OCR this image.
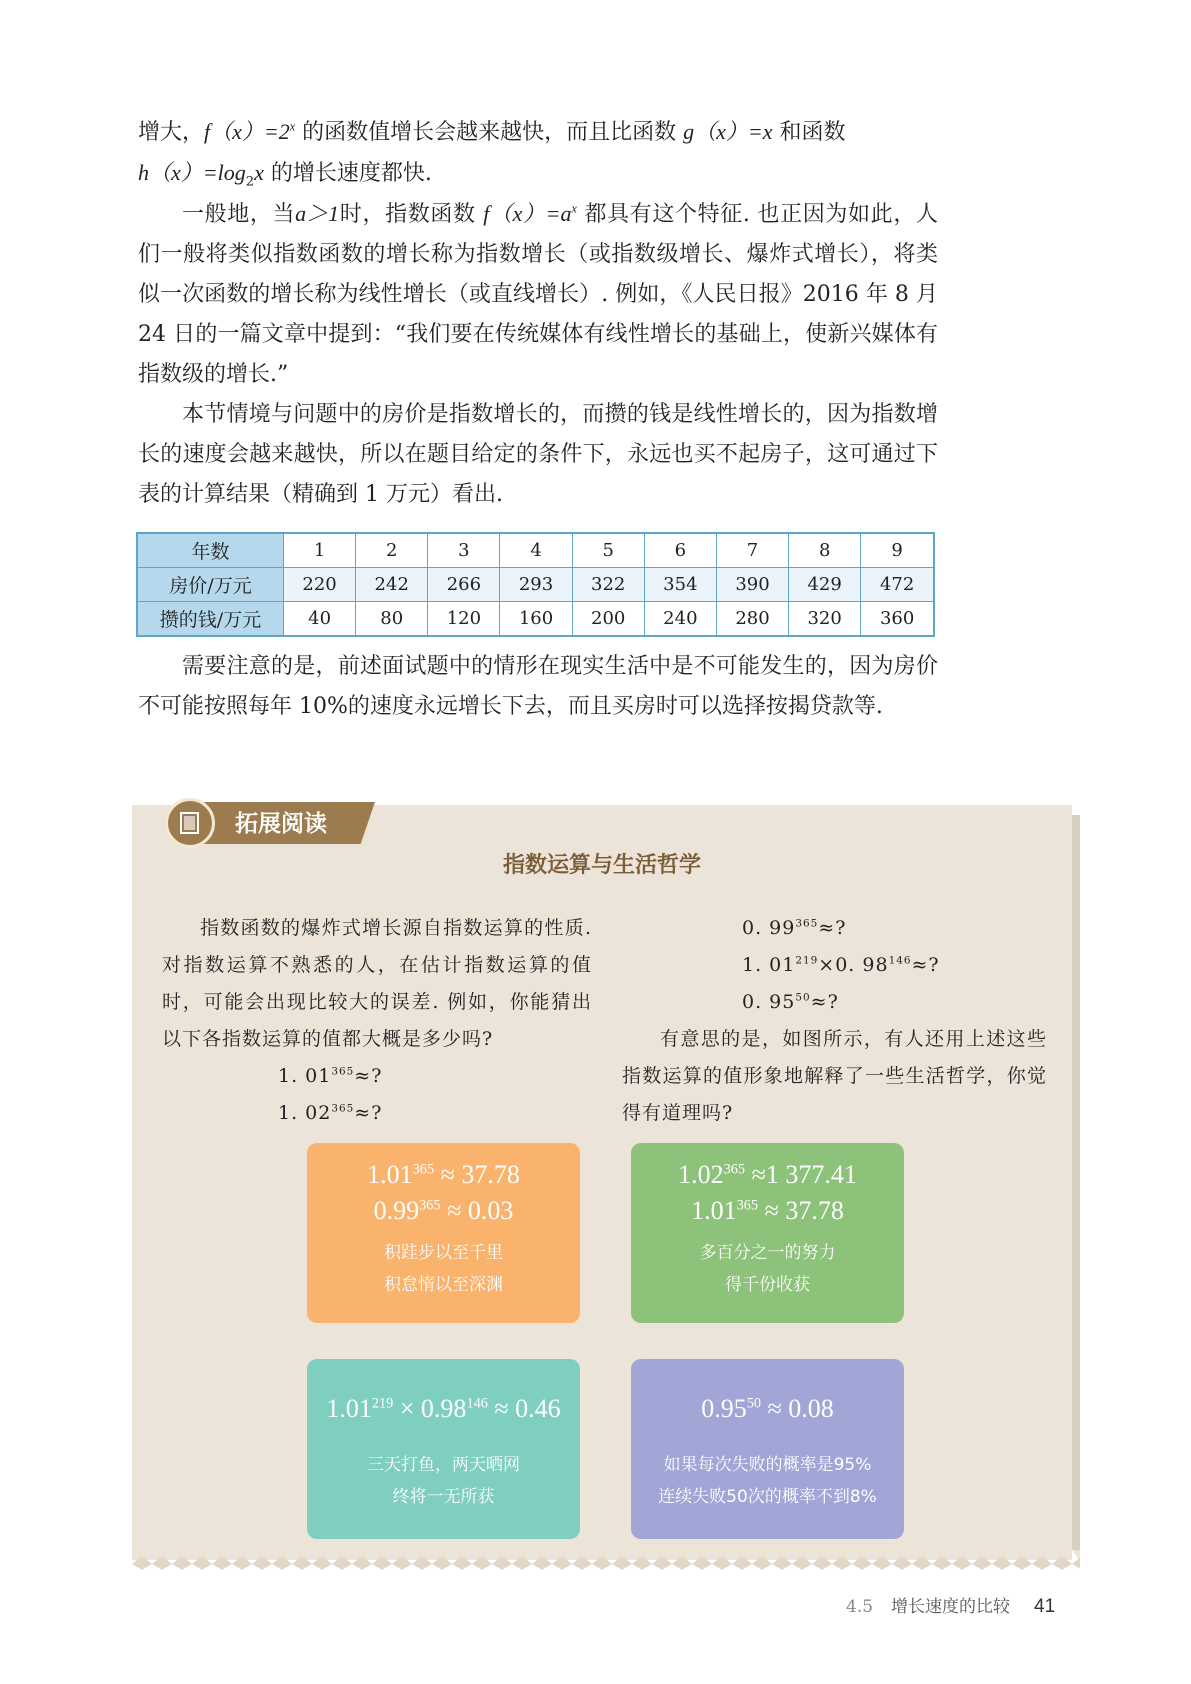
增大，$f(x)=2^x$ 的函数值增长会越来越快，而且比函数 g（x）=x 和函数
$h(x)=\log_2x$ 的增长速度都快.

一般地，当a＞1时，指数函数 $f(x)=a^x$ 都具有这个特征. 也正因为如此，人们一般将类似指数函数的增长称为指数增长（或指数级增长、爆炸式增长），将类似一次函数的增长称为线性增长（或直线增长）. 例如，《人民日报》2016 年 8 月 24 日的一篇文章中提到：“我们要在传统媒体有线性增长的基础上，使新兴媒体有指数级的增长.”

本节情境与问题中的房价是指数增长的，而攒的钱是线性增长的，因为指数增长的速度会越来越快，所以在题目给定的条件下，永远也买不起房子，这可通过下表的计算结果（精确到 1 万元）看出.

年数	1	2	3	4	5	6	7	8	9
房价/万元	220	242	266	293	322	354	390	429	472
攒的钱/万元	40	80	120	160	200	240	280	320	360

需要注意的是，前述面试题中的情形在现实生活中是不可能发生的，因为房价不可能按照每年 10%的速度永远增长下去，而且买房时可以选择按揭贷款等.

拓展阅读
指数运算与生活哲学

指数函数的爆炸式增长源自指数运算的性质. 对指数运算不熟悉的人，在估计指数运算的值时，可能会出现比较大的误差. 例如，你能猜出以下各指数运算的值都大概是多少吗?

1. $01^{365}\approx$?
1. $02^{365}\approx$?
0. $99^{365}\approx$?
1. $01^{219}\times 0$. $98^{146}\approx$?
0. $95^{50}\approx$?

有意思的是，如图所示，有人还用上述这些指数运算的值形象地解释了一些生活哲学，你觉得有道理吗?

$1.01^{365} \approx 37.78$
$0.99^{365} \approx 0.03$
积跬步以至千里
积怠惰以至深渊
$1.02^{365} \approx 1$ 377.41
$1.01^{365} \approx 37.78$
多百分之一的努力
得千份收获
$1.01^{219} \times 0.98^{146} \approx 0.46$
三天打鱼，两天晒网
终将一无所获
$0.95^{50} \approx 0.08$
如果每次失败的概率是95%
连续失败50次的概率不到8%
4.5 增长速度的比较 41
